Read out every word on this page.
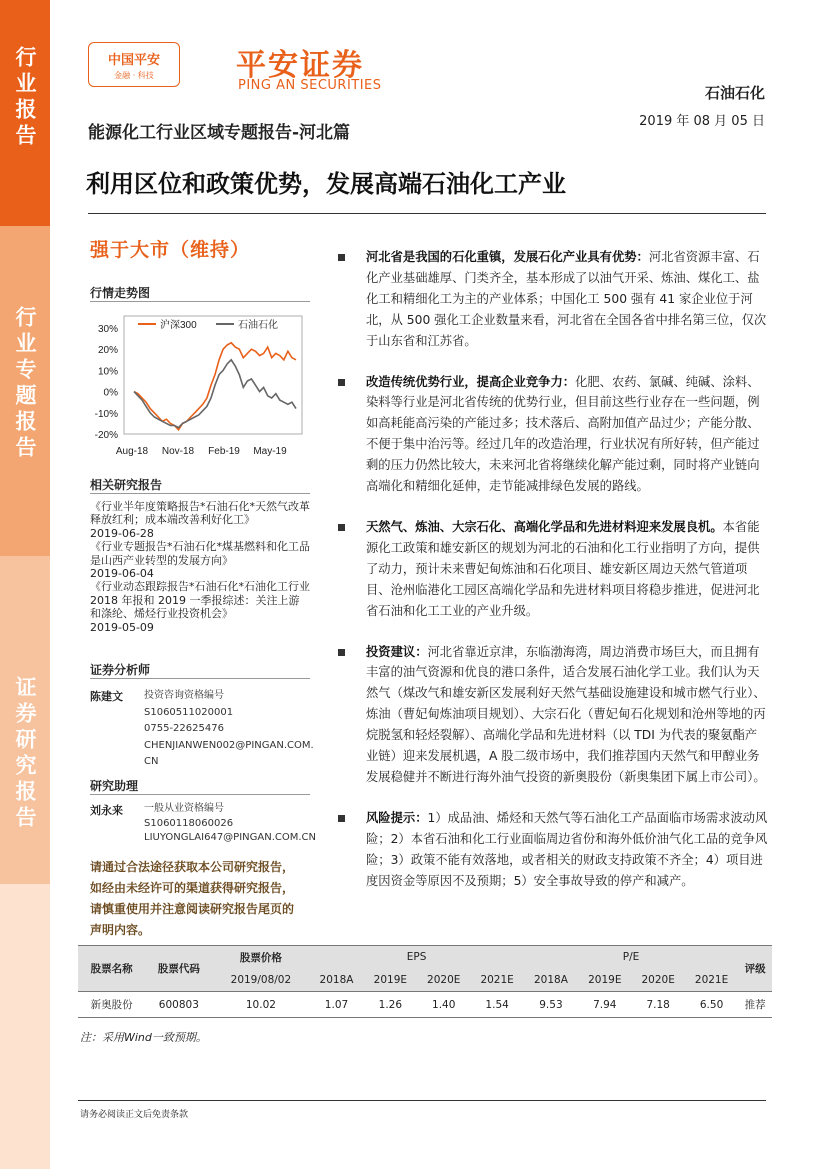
行业报告
行业专题报告
证券研究报告
中国平安
金融 · 科技	平安证券
PING AN SECURITIES	石油石化
2019 年 08 月 05 日
能源化工行业区域专题报告-河北篇
利用区位和政策优势，发展高端石油化工产业
强于大市（维持）
行情走势图
30%
20%
10%
0%
-10%
-20%
Aug-18 Nov-18 Feb-19 May-19
沪深300	石油石化
相关研究报告
《行业半年度策略报告*石油石化*天然气改革释放红利；成本端改善利好化工》
2019-06-28
《行业专题报告*石油石化*煤基燃料和化工品是山西产业转型的发展方向》
2019-06-04
《行业动态跟踪报告*石油石化*石油化工行业 2018 年报和 2019 一季报综述：关注上游和涤纶、烯烃行业投资机会》
2019-05-09
证券分析师
陈建文	投资咨询资格编号
S1060511020001
0755-22625476
CHENJIANWEN002@PINGAN.COM.
CN
研究助理
刘永来	一般从业资格编号
S1060118060026
LIUYONGLAI647@PINGAN.COM.CN
请通过合法途径获取本公司研究报告，如经由未经许可的渠道获得研究报告，请慎重使用并注意阅读研究报告尾页的声明内容。
河北省是我国的石化重镇，发展石化产业具有优势：河北省资源丰富、石化产业基础雄厚、门类齐全，基本形成了以油气开采、炼油、煤化工、盐化工和精细化工为主的产业体系；中国化工 500 强有 41 家企业位于河北，从 500 强化工企业数量来看，河北省在全国各省中排名第三位，仅次于山东省和江苏省。
改造传统优势行业，提高企业竞争力：化肥、农药、氯碱、纯碱、涂料、染料等行业是河北省传统的优势行业，但目前这些行业存在一些问题，例如高耗能高污染的产能过多；技术落后、高附加值产品过少；产能分散、不便于集中治污等。经过几年的改造治理，行业状况有所好转，但产能过剩的压力仍然比较大，未来河北省将继续化解产能过剩，同时将产业链向高端化和精细化延伸，走节能减排绿色发展的路线。
天然气、炼油、大宗石化、高端化学品和先进材料迎来发展良机。本省能源化工政策和雄安新区的规划为河北的石油和化工行业指明了方向，提供了动力，预计未来曹妃甸炼油和石化项目、雄安新区周边天然气管道项目、沧州临港化工园区高端化学品和先进材料项目将稳步推进，促进河北省石油和化工工业的产业升级。
投资建议：河北省靠近京津，东临渤海湾，周边消费市场巨大，而且拥有丰富的油气资源和优良的港口条件，适合发展石油化学工业。我们认为天然气（煤改气和雄安新区发展利好天然气基础设施建设和城市燃气行业）、炼油（曹妃甸炼油项目规划）、大宗石化（曹妃甸石化规划和沧州等地的丙烷脱氢和轻烃裂解）、高端化学品和先进材料（以 TDI 为代表的聚氨酯产业链）迎来发展机遇，A 股二级市场中，我们推荐国内天然气和甲醇业务发展稳健并不断进行海外油气投资的新奥股份（新奥集团下属上市公司）。
风险提示：1）成品油、烯烃和天然气等石油化工产品面临市场需求波动风险；2）本省石油和化工行业面临周边省份和海外低价油气化工品的竞争风险；3）政策不能有效落地，或者相关的财政支持政策不齐全；4）项目进度因资金等原因不及预期；5）安全事故导致的停产和减产。
股票名称	股票代码	股票价格	EPS				P/E				评级
		2019/08/02	2018A	2019E	2020E	2021E	2018A	2019E	2020E	2021E	
新奥股份	600803	10.02	1.07	1.26	1.40	1.54	9.53	7.94	7.18	6.50	推荐
注：采用Wind一致预期。
请务必阅读正文后免责条款
